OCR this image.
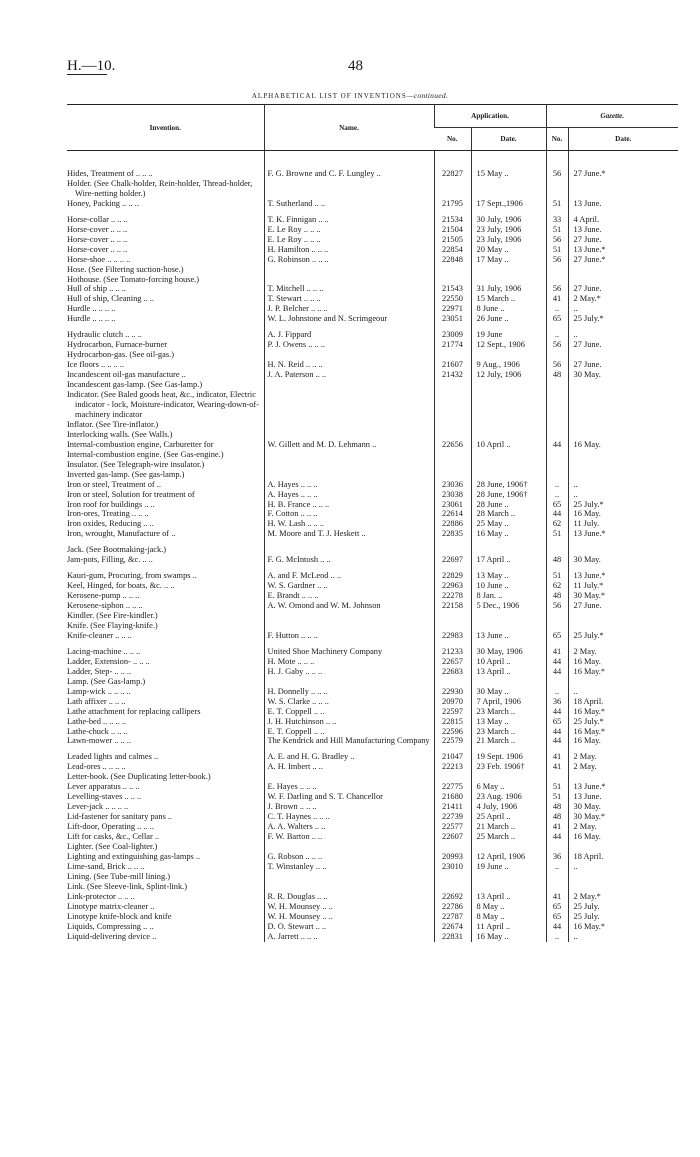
H.—10.	48
ALPHABETICAL LIST OF INVENTIONS—continued.
Invention.	Name.	Application.		Gazette.	
		No.	Date.	No.	Date.
Hides, Treatment of .. .. ..	F. G. Browne and C. F. Lungley ..	22827	15 May ..	56	27 June.*
Holder. (See Chalk-holder, Rein-holder, Thread-holder, Wire-netting holder.)					
Honey, Packing .. .. ..	T. Sutherland .. ..	21795	17 Sept.,1906	51	13 June.

Horse-collar .. .. ..	T. K. Finnigan .. ..	21534	30 July, 1906	33	4 April.
Horse-cover .. .. ..	E. Le Roy .. .. ..	21504	23 July, 1906	51	13 June.
Horse-cover .. .. ..	E. Le Roy .. .. ..	21505	23 July, 1906	56	27 June.
Horse-cover .. .. ..	H. Hamilton .. .. ..	22854	20 May ..	51	13 June.*
Horse-shoe .. .. .. ..	G. Robinson .. .. ..	22848	17 May ..	56	27 June.*
Hose. (See Filtering suction-hose.)					
Hothouse. (See Tomato-forcing house.)					
Hull of ship .. .. ..	T. Mitchell .. .. ..	21543	31 July, 1906	56	27 June.
Hull of ship, Cleaning .. ..	T. Stewart .. .. ..	22550	15 March ..	41	2 May.*
Hurdle .. .. .. ..	J. P. Belcher .. .. ..	22971	8 June ..	..	..
Hurdle .. .. .. ..	W. L. Johnstone and N. Scrimgeour	23051	26 June ..	65	25 July.*

Hydraulic clutch .. .. ..	A. J. Fippard	23009	19 June	..	..
Hydrocarbon, Furnace-burner	P. J. Owens .. .. ..	21774	12 Sept., 1906	56	27 June.
Hydrocarbon-gas. (See oil-gas.)					
Ice floors .. .. .. ..	H. N. Reid .. .. ..	21607	9 Aug., 1906	56	27 June.
Incandescent oil-gas manufacture ..	J. A. Paterson .. ..	21432	12 July, 1906	48	30 May.
Incandescent gas-lamp. (See Gas-lamp.)					
Indicator. (See Baled goods heat, &c., indicator, Electric indicator - lock, Moisture-indicator, Wearing-down-of-machinery indicator					
Inflator. (See Tire-inflator.)					
Interlocking walls. (See Walls.)					
Internal-combustion engine, Carburetter for	W. Gillett and M. D. Lehmann ..	22656	10 April ..	44	16 May.
Internal-combustion engine. (See Gas-engine.)					
Insulator. (See Telegraph-wire insulator.)					
Inverted gas-lamp. (See gas-lamp.)					
Iron or steel, Treatment of ..	A. Hayes .. .. ..	23036	28 June, 1906†	..	..
Iron or steel, Solution for treatment of	A. Hayes .. .. ..	23038	28 June, 1906†	..	..
Iron roof for buildings .. ..	H. B. France .. .. ..	23061	28 June ..	65	25 July.*
Iron-ores, Treating .. .. ..	F. Cotton .. .. ..	22614	28 March ..	44	16 May.
Iron oxides, Reducing .. ..	H. W. Lash .. .. ..	22886	25 May ..	62	11 July.
Iron, wrought, Manufacture of ..	M. Moore and T. J. Heskett ..	22835	16 May ..	51	13 June.*

Jack. (See Bootmaking-jack.)					
Jam-pots, Filling, &c. .. ..	F. G. McIntosh .. ..	22697	17 April ..	48	30 May.

Kauri-gum, Procuring, from swamps ..	A. and F. McLeod .. ..	22829	13 May ..	51	13 June.*
Keel, Hinged, for boats, &c. .. ..	W. S. Gardner .. ..	22963	10 June ..	62	11 July.*
Kerosene-pump .. .. ..	E. Brandt .. .. ..	22278	8 Jan. ..	48	30 May.*
Kerosene-siphon .. .. ..	A. W. Omond and W. M. Johnson	22158	5 Dec., 1906	56	27 June.
Kindler. (See Fire-kindler.)					
Knife. (See Flaying-knife.)					
Knife-cleaner .. .. ..	F. Hutton .. .. ..	22983	13 June ..	65	25 July.*

Lacing-machine .. .. ..	United Shoe Machinery Company	21233	30 May, 1906	41	2 May.
Ladder, Extension- .. .. ..	H. Mote .. .. ..	22657	10 April ..	44	16 May.
Ladder, Step- .. .. ..	H. J. Gaby .. .. ..	22683	13 April ..	44	16 May.*
Lamp. (See Gas-lamp.)					
Lamp-wick .. .. .. ..	H. Donnelly .. .. ..	22930	30 May ..	..	..
Lath affixer .. .. ..	W. S. Clarke .. .. ..	20970	7 April, 1906	36	18 April.
Lathe attachment for replacing callipers	E. T. Coppell .. ..	22597	23 March ..	44	16 May.*
Lathe-bed .. .. .. ..	J. H. Hutchinson .. ..	22815	13 May ..	65	25 July.*
Lathe-chuck .. .. ..	E. T. Coppell .. ..	22596	23 March ..	44	16 May.*
Lawn-mower .. .. ..	The Kendrick and Hill Manufacturing Company	22579	21 March ..	44	16 May.

Leaded lights and calmes ..	A. E. and H. G. Bradley ..	21047	19 Sept. 1906	41	2 May.
Lead-ores .. .. .. ..	A. H. Imbert .. ..	22213	23 Feb. 1906†	41	2 May.
Letter-book. (See Duplicating letter-book.)					
Lever apparatus .. .. ..	E. Hayes .. .. ..	22775	6 May ..	51	13 June.*
Levelling-staves .. .. ..	W. F. Darling and S. T. Chancellor	21680	23 Aug. 1906	51	13 June.
Lever-jack .. .. .. ..	J. Brown .. .. ..	21411	4 July, 1906	48	30 May.
Lid-fastener for sanitary pans ..	C. T. Haynes .. .. ..	22739	25 April ..	48	30 May.*
Lift-door, Operating .. .. ..	A. A. Walters .. ..	22577	21 March ..	41	2 May.
Lift for casks, &c., Cellar ..	F. W. Barton .. ..	22607	25 March ..	44	16 May.
Lighter. (See Coal-lighter.)					
Lighting and extinguishing gas-lamps ..	G. Robson .. .. ..	20993	12 April, 1906	36	18 April.
Lime-sand, Brick .. .. ..	T. Winstanley .. ..	23010	19 June ..	..	..
Lining. (See Tube-mill lining.)					
Link. (See Sleeve-link, Splint-link.)					
Link-protector .. .. ..	R. R. Douglas .. ..	22692	13 April ..	41	2 May.*
Linotype matrix-cleaner ..	W. H. Mounsey .. ..	22786	8 May ..	65	25 July.
Linotype knife-block and knife	W. H. Mounsey .. ..	22787	8 May ..	65	25 July.
Liquids, Compressing .. ..	D. O. Stewart .. ..	22674	11 April ..	44	16 May.*
Liquid-delivering device ..	A. Jarrett .. .. ..	22831	16 May ..	..	..
